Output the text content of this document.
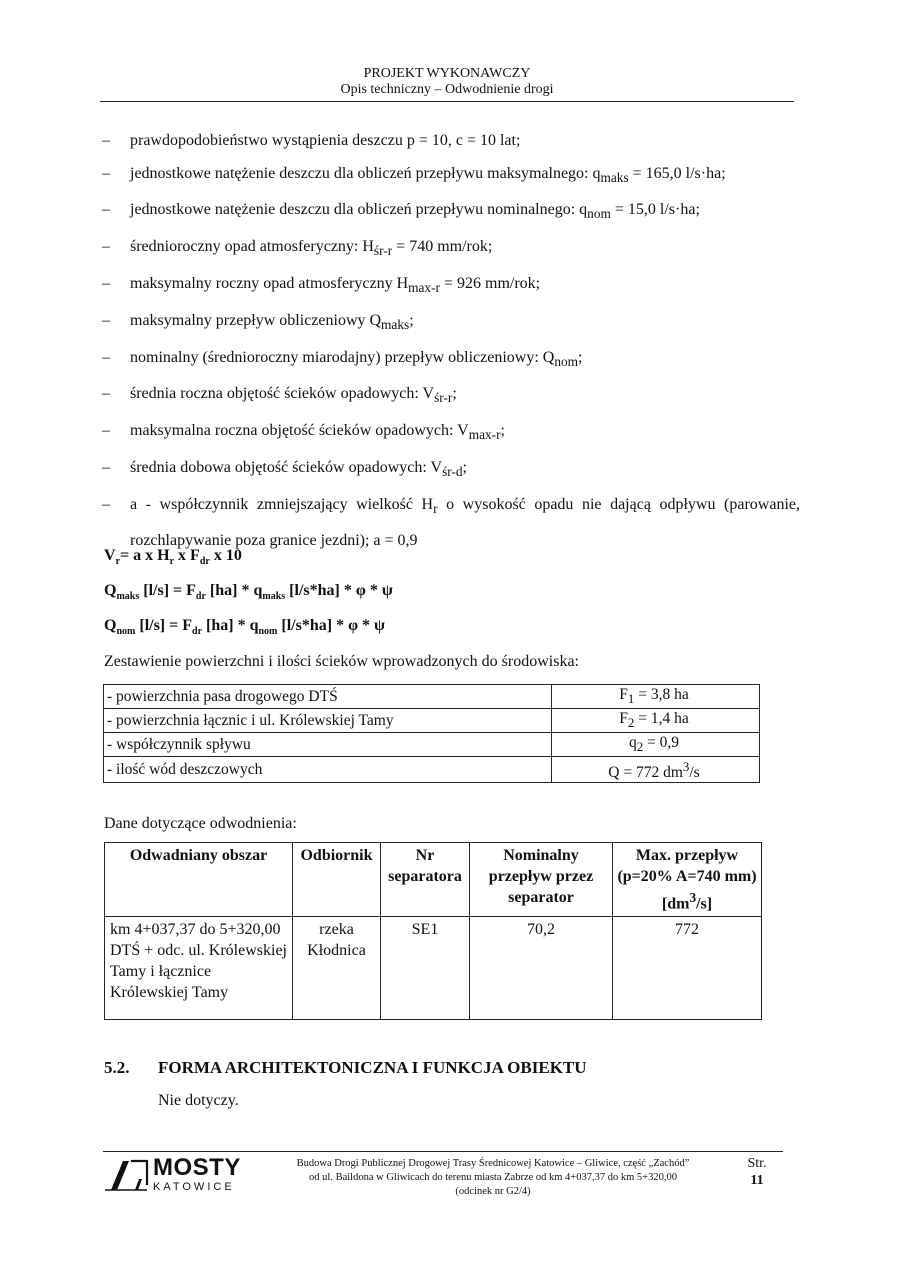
PROJEKT WYKONAWCZY
Opis techniczny – Odwodnienie drogi
– prawdopodobieństwo wystąpienia deszczu p = 10, c = 10 lat;
– jednostkowe natężenie deszczu dla obliczeń przepływu maksymalnego: $q_{maks} = 165,0$ l/s·ha;
– jednostkowe natężenie deszczu dla obliczeń przepływu nominalnego: $q_{nom} = 15,0$ l/s·ha;
– średnioroczny opad atmosferyczny: $H_{śr-r} = 740$ mm/rok;
– maksymalny roczny opad atmosferyczny $H_{max-r} = 926$ mm/rok;
– maksymalny przepływ obliczeniowy $Q_{maks}$;
– nominalny (średnioroczny miarodajny) przepływ obliczeniowy: $Q_{nom}$;
– średnia roczna objętość ścieków opadowych: $V_{śr-r}$;
– maksymalna roczna objętość ścieków opadowych: $V_{max-r}$;
– średnia dobowa objętość ścieków opadowych: $V_{śr-d}$;
– a - współczynnik zmniejszający wielkość $H_r$ o wysokość opadu nie dającą odpływu (parowanie, rozchlapywanie poza granice jezdni); a = 0,9
$V_r= a$ x $H_r$ x $F_{dr}$ x 10
$Q_{maks}$ $[l/s] = F_{dr}$ $[ha] * q_{maks}$ [l/s*ha] * φ * ψ
$Q_{nom}$ $[l/s] = F_{dr}$ $[ha] * q_{nom}$ [l/s*ha] * φ * ψ
Zestawienie powierzchni i ilości ścieków wprowadzonych do środowiska:
- powierzchnia pasa drogowego DTŚ	$F_1 = 3,8$ ha
- powierzchnia łącznic i ul. Królewskiej Tamy	$F_2 = 1,4$ ha
- współczynnik spływu	$q_2 = 0,9$
- ilość wód deszczowych	Q = 772 $dm^3/s$
Dane dotyczące odwodnienia:
Odwadniany obszar	Odbiornik	Nr separatora	Nominalny przepływ przez separator	Max. przepływ (p=20% A=740 mm) $[dm^3/s]$
km 4+037,37 do 5+320,00 DTŚ + odc. ul. Królewskiej Tamy i łącznice Królewskiej Tamy	rzeka Kłodnica	SE1	70,2	772
5.2. FORMA ARCHITEKTONICZNA I FUNKCJA OBIEKTU
Nie dotyczy.
MOSTY
KATOWICE
Budowa Drogi Publicznej Drogowej Trasy Średnicowej Katowice – Gliwice, część „Zachód”
od ul. Baildona w Gliwicach do terenu miasta Zabrze od km 4+037,37 do km 5+320,00
(odcinek nr G2/4)
Str.
11
